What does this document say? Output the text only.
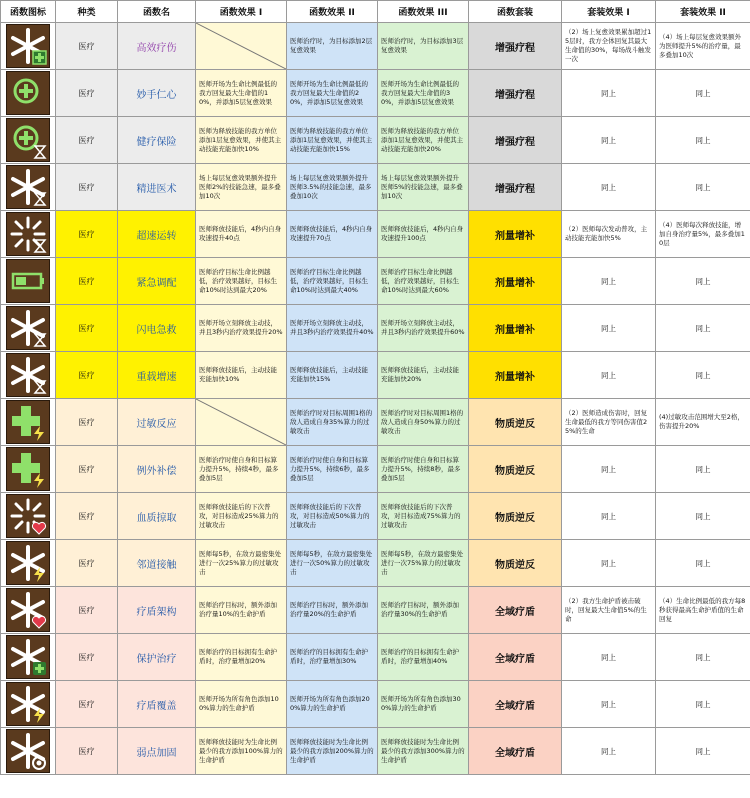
函数图标	种类	函数名	函数效果 I	函数效果 II	函数效果 III	函数套装	套装效果 I	套装效果 II

	医疗	高效疗伤		医师治疗时，为目标添加2层复愈效果	医师治疗时，为目标添加3层复愈效果	增强疗程	（2）场上复愈效果累加超过15层时，我方全体回复其最大生命值的30%，每场战斗触发一次	（4）场上每层复愈效果额外为医师提升5%的治疗量，最多叠加10次

	医疗	妙手仁心	医师开场为生命比例最低的我方回复最大生命值的10%，并添加5层复愈效果	医师开场为生命比例最低的我方回复最大生命值的20%，并添加5层复愈效果	医师开场为生命比例最低的我方回复最大生命值的30%，并添加5层复愈效果	增强疗程	同上	同上

	医疗	健疗保险	医师为释放技能的我方单位添加1层复愈效果，并使其主动技能充能加快10%	医师为释放技能的我方单位添加1层复愈效果，并使其主动技能充能加快15%	医师为释放技能的我方单位添加1层复愈效果，并使其主动技能充能加快20%	增强疗程	同上	同上

	医疗	精进医术	场上每层复愈效果额外提升医师2%的技能急速，最多叠加10次	场上每层复愈效果额外提升医师3.5%的技能急速，最多叠加10次	场上每层复愈效果额外提升医师5%的技能急速，最多叠加10次	增强疗程	同上	同上

	医疗	超速运转	医师释放技能后，4秒内自身攻速提升40点	医师释放技能后，4秒内自身攻速提升70点	医师释放技能后，4秒内自身攻速提升100点	剂量增补	（2）医师每次发动普攻，主动技能充能加快5%	（4）医师每次释放技能，增加自身治疗量5%，最多叠加10层

	医疗	紧急调配	医师治疗目标生命比例越低，治疗效果越好，目标生命10%时达到最大20%	医师治疗目标生命比例越低，治疗效果越好，目标生命10%时达到最大40%	医师治疗目标生命比例越低，治疗效果越好，目标生命10%时达到最大60%	剂量增补	同上	同上

	医疗	闪电急救	医师开场立刻释放主动技，并且3秒内治疗效果提升20%	医师开场立刻释放主动技，并且3秒内治疗效果提升40%	医师开场立刻释放主动技，并且3秒内治疗效果提升60%	剂量增补	同上	同上

	医疗	重载增速	医师释放技能后，主动技能充能加快10%	医师释放技能后，主动技能充能加快15%	医师释放技能后，主动技能充能加快20%	剂量增补	同上	同上

	医疗	过敏反应		医师治疗时对目标周围1格的敌人造成自身35%算力的过敏攻击	医师治疗时对目标周围1格的敌人造成自身50%算力的过敏攻击	物质逆反	（2）医师造成伤害时，回复生命最低的我方等同伤害值25%的生命	(4)过敏攻击范围增大至2格，伤害提升20%

	医疗	例外补偿	医师治疗时使自身和目标算力提升5%，持续4秒，最多叠加5层	医师治疗时使自身和目标算力提升5%，持续6秒，最多叠加5层	医师治疗时使自身和目标算力提升5%，持续8秒，最多叠加5层	物质逆反	同上	同上

	医疗	血质掠取	医师释放技能后的下次普攻，对目标造成25%算力的过敏攻击	医师释放技能后的下次普攻，对目标造成50%算力的过敏攻击	医师释放技能后的下次普攻，对目标造成75%算力的过敏攻击	物质逆反	同上	同上

	医疗	邻道接触	医师每5秒，在敌方最密集处进行一次25%算力的过敏攻击	医师每5秒，在敌方最密集处进行一次50%算力的过敏攻击	医师每5秒，在敌方最密集处进行一次75%算力的过敏攻击	物质逆反	同上	同上

	医疗	疗盾架构	医师治疗目标时，额外添加治疗量10%的生命护盾	医师治疗目标时，额外添加治疗量20%的生命护盾	医师治疗目标时，额外添加治疗量30%的生命护盾	全域疗盾	（2）我方生命护盾被击破时，回复最大生命值5%的生命	（4）生命比例最低的我方每8秒获得最高生命护盾值的生命回复

	医疗	保护治疗	医师治疗的目标拥有生命护盾时，治疗量增加20%	医师治疗的目标拥有生命护盾时，治疗量增加30%	医师治疗的目标拥有生命护盾时，治疗量增加40%	全域疗盾	同上	同上

	医疗	疗盾覆盖	医师开场为所有角色添加100%算力的生命护盾	医师开场为所有角色添加200%算力的生命护盾	医师开场为所有角色添加300%算力的生命护盾	全域疗盾	同上	同上

	医疗	弱点加固	医师释放技能时为生命比例最少的我方添加100%算力的生命护盾	医师释放技能时为生命比例最少的我方添加200%算力的生命护盾	医师释放技能时为生命比例最少的我方添加300%算力的生命护盾	全域疗盾	同上	同上
